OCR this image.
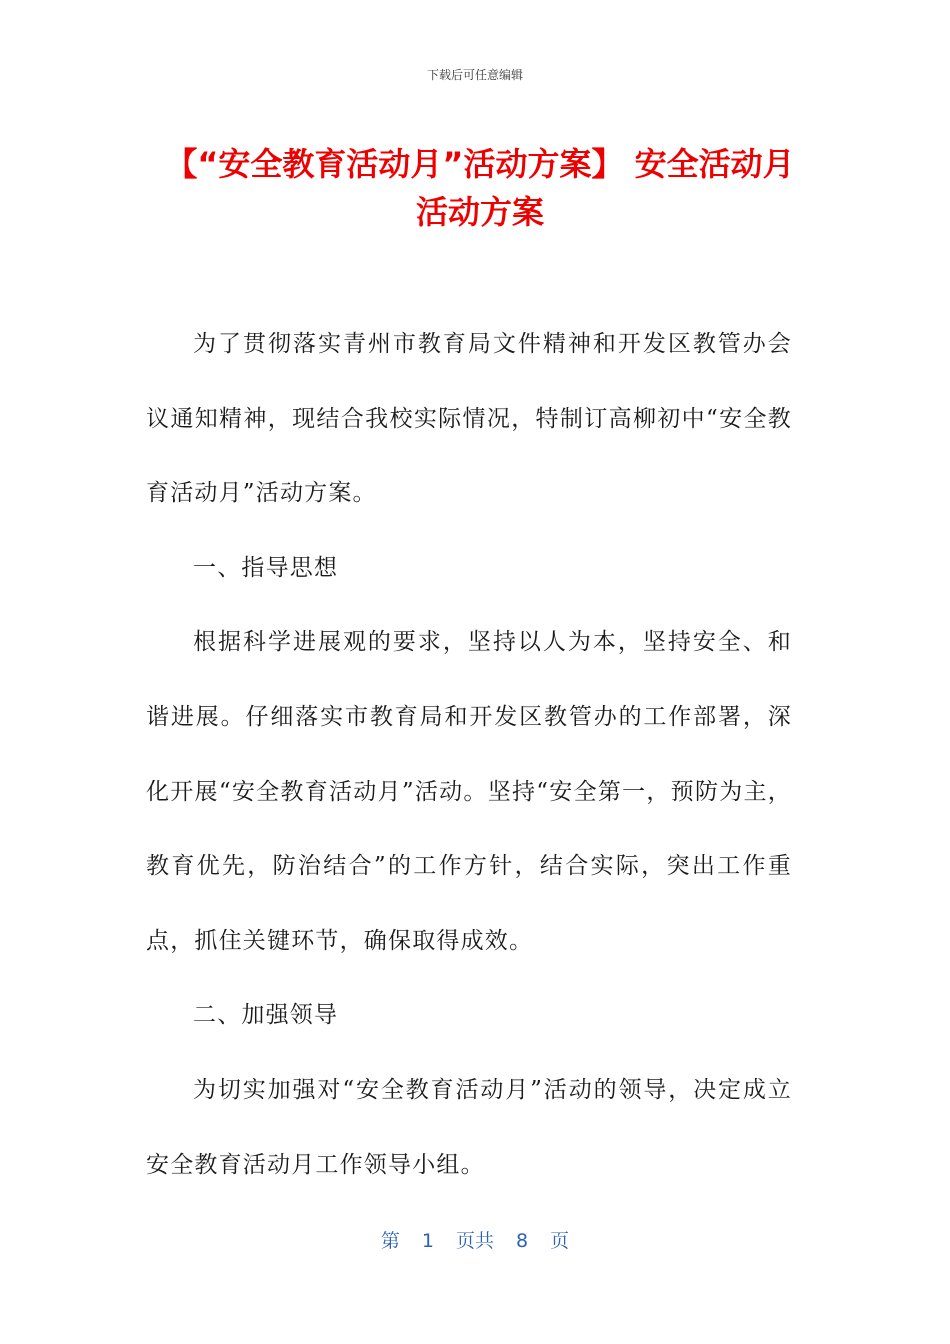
下载后可任意编辑
【“安全教育活动月”活动方案】 安全活动月活动方案

为了贯彻落实青州市教育局文件精神和开发区教管办会议通知精神，现结合我校实际情况，特制订高柳初中“安全教育活动月”活动方案。

一、指导思想

根据科学进展观的要求，坚持以人为本，坚持安全、和谐进展。仔细落实市教育局和开发区教管办的工作部署，深化开展“安全教育活动月”活动。坚持“安全第一，预防为主，教育优先，防治结合”的工作方针，结合实际，突出工作重点，抓住关键环节，确保取得成效。

二、加强领导

为切实加强对“安全教育活动月”活动的领导，决定成立安全教育活动月工作领导小组。

第 1 页共 8 页
